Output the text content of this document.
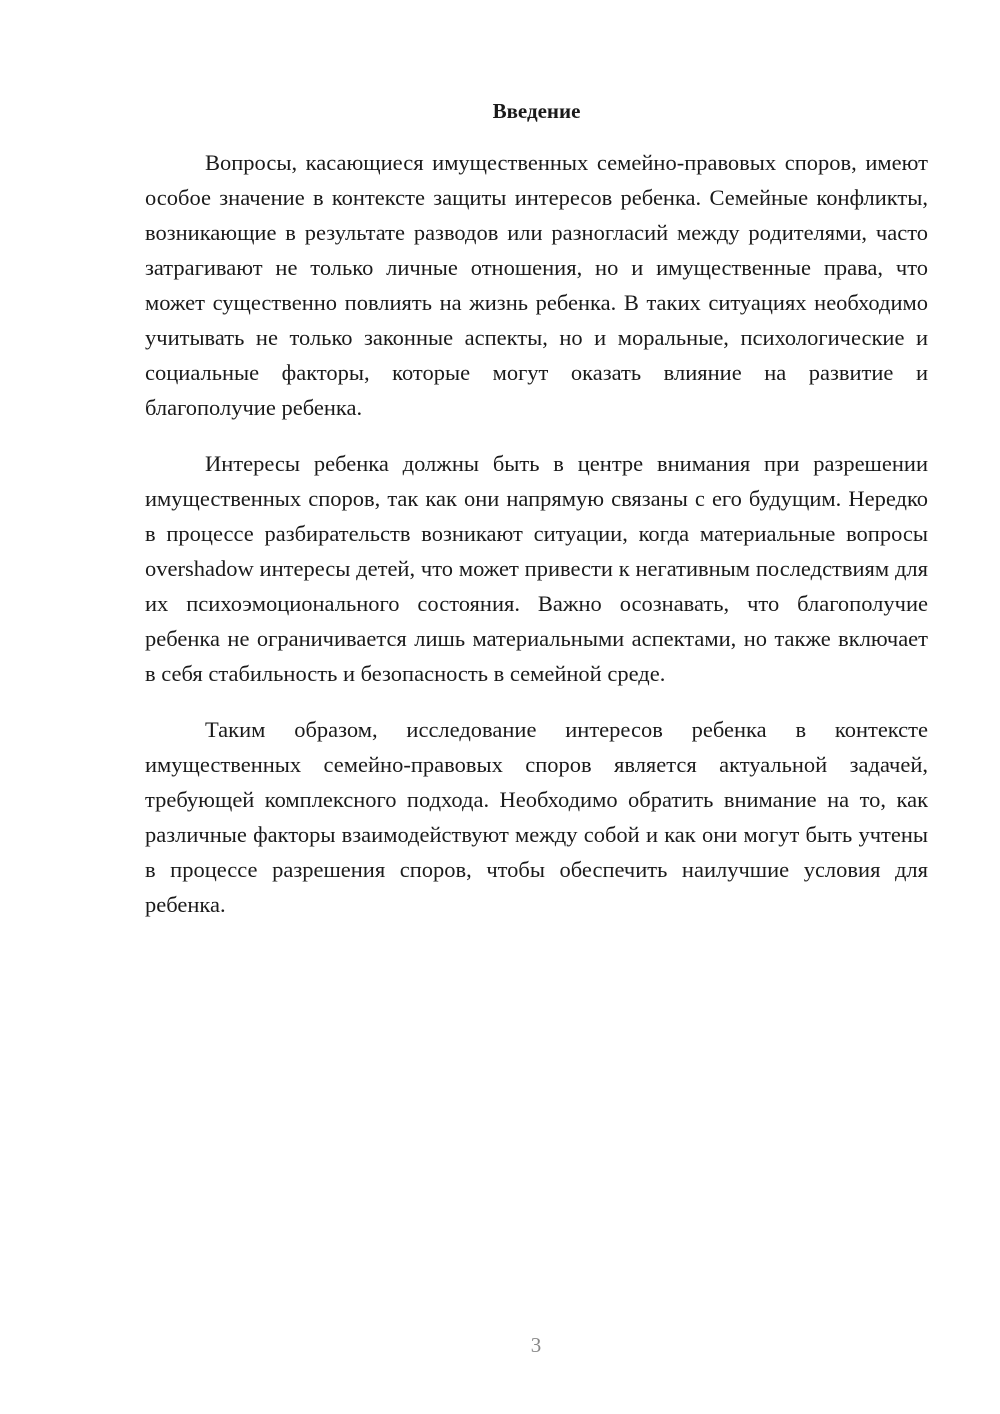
Введение

Вопросы, касающиеся имущественных семейно-правовых споров, имеют особое значение в контексте защиты интересов ребенка. Семейные конфликты, возникающие в результате разводов или разногласий между родителями, часто затрагивают не только личные отношения, но и имущественные права, что может существенно повлиять на жизнь ребенка. В таких ситуациях необходимо учитывать не только законные аспекты, но и моральные, психологические и социальные факторы, которые могут оказать влияние на развитие и благополучие ребенка.

Интересы ребенка должны быть в центре внимания при разрешении имущественных споров, так как они напрямую связаны с его будущим. Нередко в процессе разбирательств возникают ситуации, когда материальные вопросы overshadow интересы детей, что может привести к негативным последствиям для их психоэмоционального состояния. Важно осознавать, что благополучие ребенка не ограничивается лишь материальными аспектами, но также включает в себя стабильность и безопасность в семейной среде.

Таким образом, исследование интересов ребенка в контексте имущественных семейно-правовых споров является актуальной задачей, требующей комплексного подхода. Необходимо обратить внимание на то, как различные факторы взаимодействуют между собой и как они могут быть учтены в процессе разрешения споров, чтобы обеспечить наилучшие условия для ребенка.

3
